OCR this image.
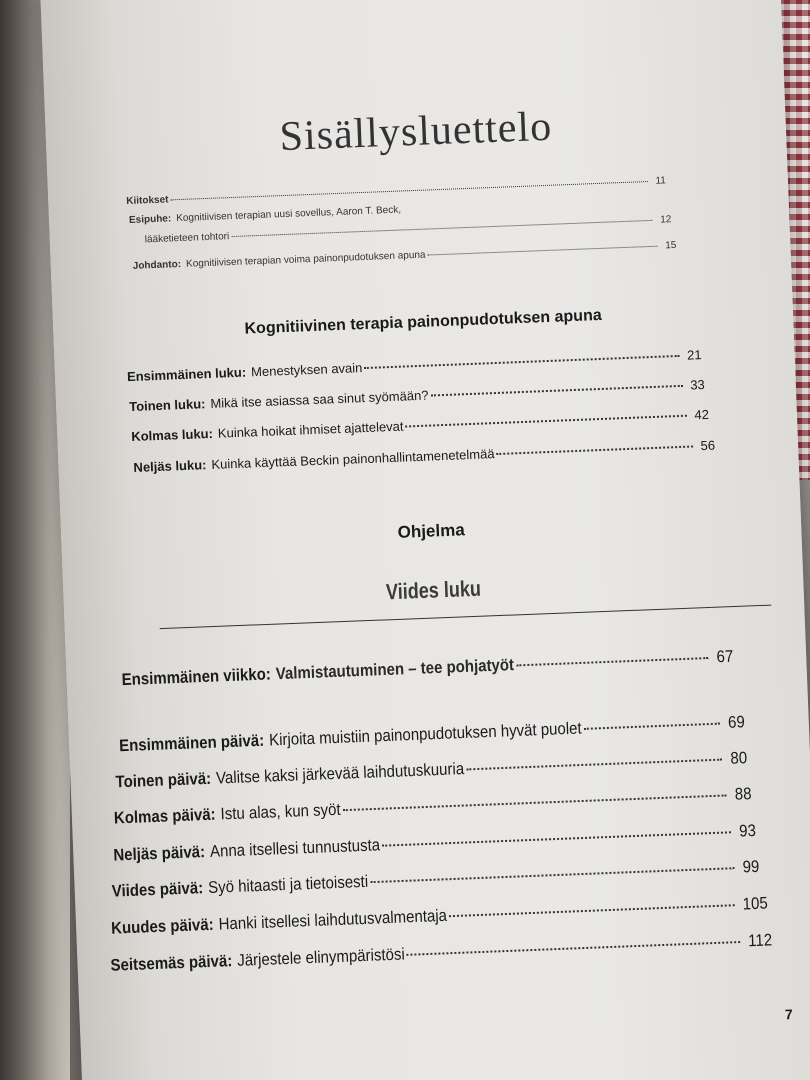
Sisällysluettelo
Kiitokset
11
Esipuhe: Kognitiivisen terapian uusi sovellus, Aaron T. Beck,
lääketieteen tohtori
12
Johdanto: Kognitiivisen terapian voima painonpudotuksen apuna
15
Kognitiivinen terapia painonpudotuksen apuna
Ensimmäinen luku: Menestyksen avain
21
Toinen luku: Mikä itse asiassa saa sinut syömään?
33
Kolmas luku: Kuinka hoikat ihmiset ajattelevat
42
Neljäs luku: Kuinka käyttää Beckin painonhallintamenetelmää
56
Ohjelma
Viides luku
Ensimmäinen viikko: Valmistautuminen – tee pohjatyöt	67
Ensimmäinen päivä: Kirjoita muistiin painonpudotuksen hyvät puolet	69
Toinen päivä: Valitse kaksi järkevää laihdutuskuuria
80
Kolmas päivä: Istu alas, kun syöt
88
Neljäs päivä: Anna itsellesi tunnustusta
93
Viides päivä: Syö hitaasti ja tietoisesti
99
Kuudes päivä: Hanki itsellesi laihdutusvalmentaja
105
Seitsemäs päivä: Järjestele elinympäristösi
112
7
